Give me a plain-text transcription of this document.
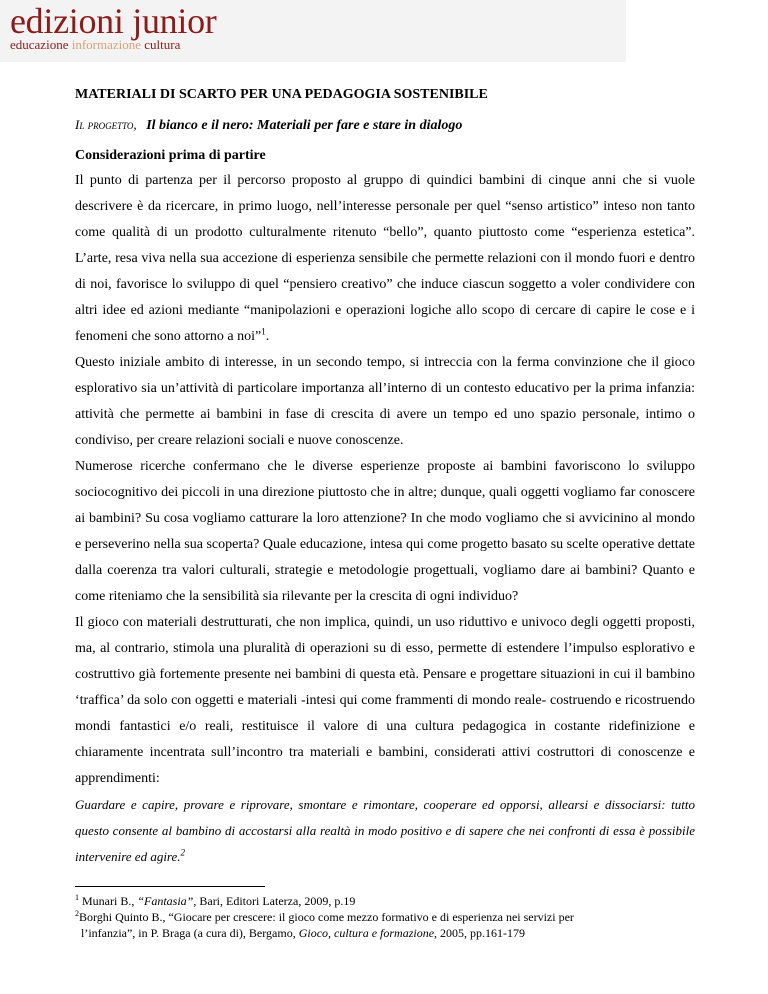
edizioni junior
educazione informazione cultura
MATERIALI DI SCARTO PER UNA PEDAGOGIA SOSTENIBILE
Il progetto, Il bianco e il nero: Materiali per fare e stare in dialogo
Considerazioni prima di partire

Il punto di partenza per il percorso proposto al gruppo di quindici bambini di cinque anni che si vuole descrivere è da ricercare, in primo luogo, nell’interesse personale per quel “senso artistico” inteso non tanto come qualità di un prodotto culturalmente ritenuto “bello”, quanto piuttosto come “esperienza estetica”. L’arte, resa viva nella sua accezione di esperienza sensibile che permette relazioni con il mondo fuori e dentro di noi, favorisce lo sviluppo di quel “pensiero creativo” che induce ciascun soggetto a voler condividere con altri idee ed azioni mediante “manipolazioni e operazioni logiche allo scopo di cercare di capire le cose e i fenomeni che sono attorno a noi”$^1$.

Questo iniziale ambito di interesse, in un secondo tempo, si intreccia con la ferma convinzione che il gioco esplorativo sia un’attività di particolare importanza all’interno di un contesto educativo per la prima infanzia: attività che permette ai bambini in fase di crescita di avere un tempo ed uno spazio personale, intimo o condiviso, per creare relazioni sociali e nuove conoscenze.

Numerose ricerche confermano che le diverse esperienze proposte ai bambini favoriscono lo sviluppo sociocognitivo dei piccoli in una direzione piuttosto che in altre; dunque, quali oggetti vogliamo far conoscere ai bambini? Su cosa vogliamo catturare la loro attenzione? In che modo vogliamo che si avvicinino al mondo e perseverino nella sua scoperta? Quale educazione, intesa qui come progetto basato su scelte operative dettate dalla coerenza tra valori culturali, strategie e metodologie progettuali, vogliamo dare ai bambini? Quanto e come riteniamo che la sensibilità sia rilevante per la crescita di ogni individuo?

Il gioco con materiali destrutturati, che non implica, quindi, un uso riduttivo e univoco degli oggetti proposti, ma, al contrario, stimola una pluralità di operazioni su di esso, permette di estendere l’impulso esplorativo e costruttivo già fortemente presente nei bambini di questa età. Pensare e progettare situazioni in cui il bambino ‘traffica’ da solo con oggetti e materiali -intesi qui come frammenti di mondo reale- costruendo e ricostruendo mondi fantastici e/o reali, restituisce il valore di una cultura pedagogica in costante ridefinizione e chiaramente incentrata sull’incontro tra materiali e bambini, considerati attivi costruttori di conoscenze e apprendimenti:

Guardare e capire, provare e riprovare, smontare e rimontare, cooperare ed opporsi, allearsi e dissociarsi: tutto questo consente al bambino di accostarsi alla realtà in modo positivo e di sapere che nei confronti di essa è possibile intervenire ed agire.$^2$

$^1$ Munari B., “Fantasia”, Bari, Editori Laterza, 2009, p.19

$^2$Borghi Quinto B., “Giocare per crescere: il gioco come mezzo formativo e di esperienza nei servizi per

l’infanzia”, in P. Braga (a cura di), Bergamo, Gioco, cultura e formazione, 2005, pp.161-179
